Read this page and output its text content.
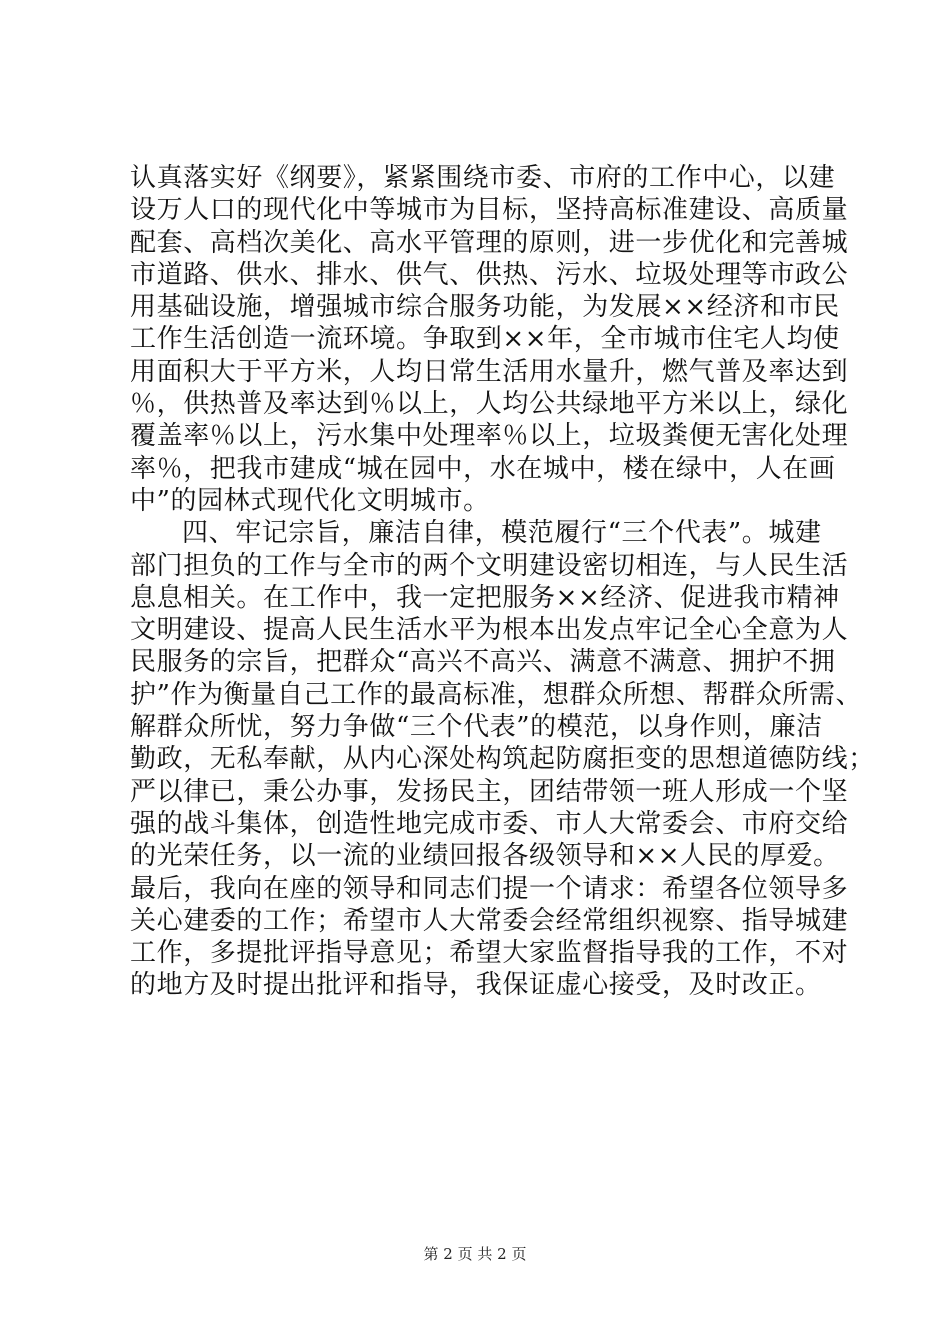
认真落实好《纲要》，紧紧围绕市委、市府的工作中心，以建
设万人口的现代化中等城市为目标，坚持高标准建设、高质量
配套、高档次美化、高水平管理的原则，进一步优化和完善城
市道路、供水、排水、供气、供热、污水、垃圾处理等市政公
用基础设施，增强城市综合服务功能，为发展××经济和市民
工作生活创造一流环境。争取到××年，全市城市住宅人均使
用面积大于平方米，人均日常生活用水量升，燃气普及率达到
％，供热普及率达到％以上，人均公共绿地平方米以上，绿化
覆盖率％以上，污水集中处理率％以上，垃圾粪便无害化处理
率％，把我市建成“城在园中，水在城中，楼在绿中，人在画
中”的园林式现代化文明城市。
四、牢记宗旨，廉洁自律，模范履行“三个代表”。城建
部门担负的工作与全市的两个文明建设密切相连，与人民生活
息息相关。在工作中，我一定把服务××经济、促进我市精神
文明建设、提高人民生活水平为根本出发点牢记全心全意为人
民服务的宗旨，把群众“高兴不高兴、满意不满意、拥护不拥
护”作为衡量自己工作的最高标准，想群众所想、帮群众所需、
解群众所忧，努力争做“三个代表”的模范，以身作则，廉洁
勤政，无私奉献，从内心深处构筑起防腐拒变的思想道德防线；
严以律已，秉公办事，发扬民主，团结带领一班人形成一个坚
强的战斗集体，创造性地完成市委、市人大常委会、市府交给
的光荣任务，以一流的业绩回报各级领导和××人民的厚爱。
最后，我向在座的领导和同志们提一个请求：希望各位领导多
关心建委的工作；希望市人大常委会经常组织视察、指导城建
工作，多提批评指导意见；希望大家监督指导我的工作，不对
的地方及时提出批评和指导，我保证虚心接受，及时改正。
第 2 页 共 2 页
